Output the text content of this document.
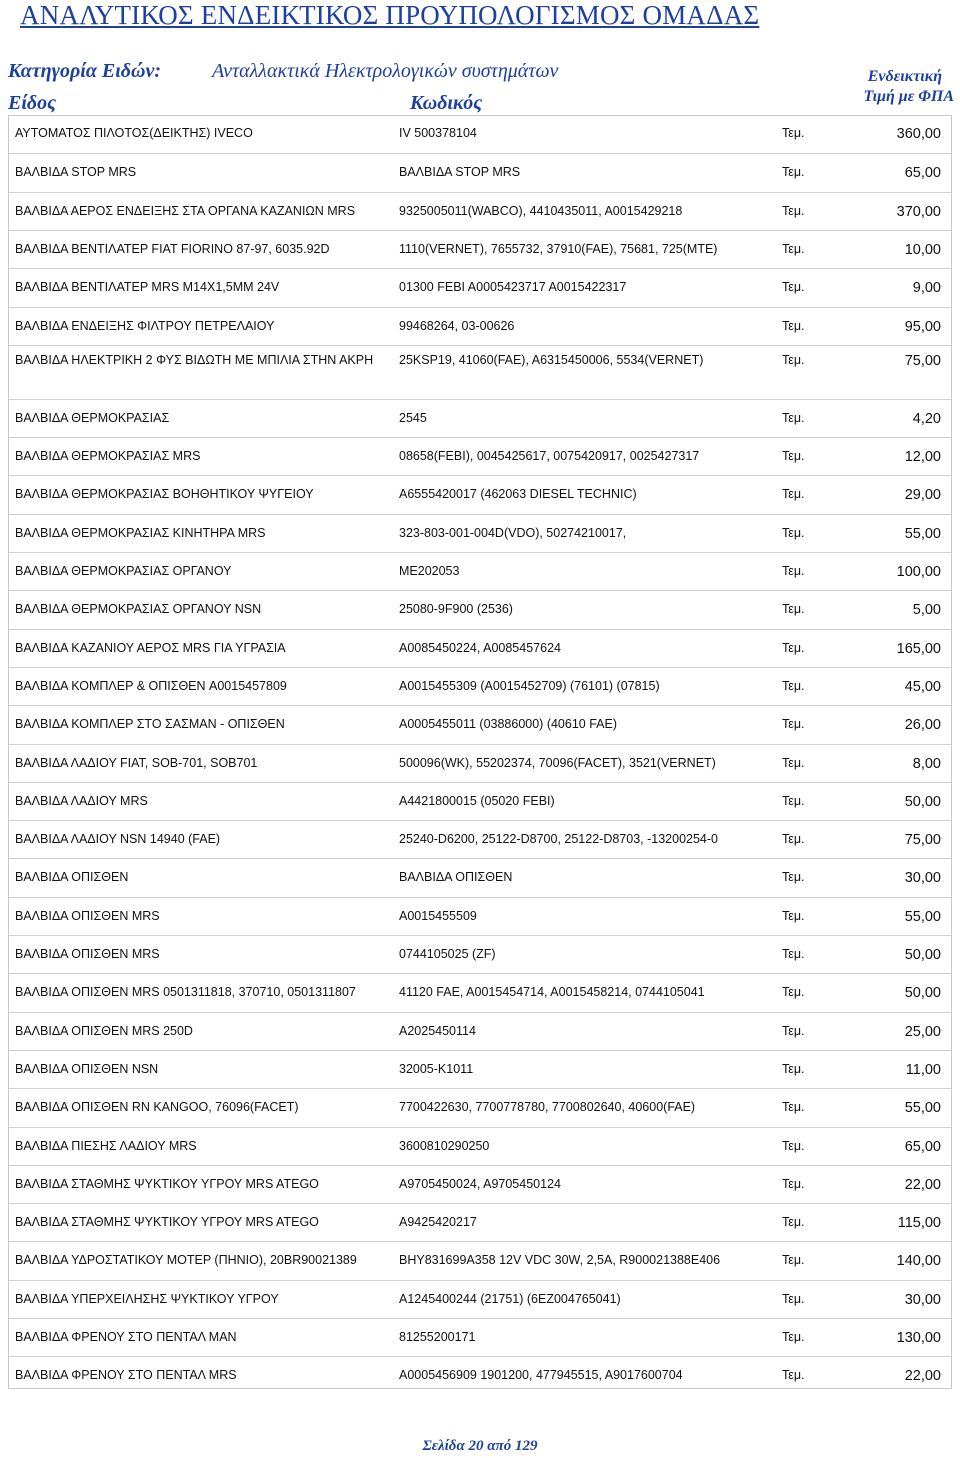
ΑΝΑΛΥΤΙΚΟΣ ΕΝΔΕΙΚΤΙΚΟΣ ΠΡΟΥΠΟΛΟΓΙΣΜΟΣ ΟΜΑΔΑΣ
Κατηγορία Ειδών:	Ανταλλακτικά Ηλεκτρολογικών συστημάτων
Είδος	Κωδικός
Ενδεικτική
Τιμή με ΦΠΑ
ΑΥΤΟΜΑΤΟΣ ΠΙΛΟΤΟΣ(ΔΕΙΚΤΗΣ) IVECO	IV 500378104	Τεμ.	360,00
ΒΑΛΒΙΔΑ STOP MRS	ΒΑΛΒΙΔΑ STOP MRS	Τεμ.	65,00
ΒΑΛΒΙΔΑ ΑΕΡΟΣ ΕΝΔΕΙΞΗΣ ΣΤΑ ΟΡΓΑΝΑ ΚΑΖΑΝΙΩΝ MRS	9325005011(WABCO), 4410435011, A0015429218	Τεμ.	370,00
ΒΑΛΒΙΔΑ ΒΕΝΤΙΛΑΤΕΡ FIAT FIORINO 87-97, 6035.92D	1110(VERNET), 7655732, 37910(FAE), 75681, 725(MTE)	Τεμ.	10,00
ΒΑΛΒΙΔΑ ΒΕΝΤΙΛΑΤΕΡ MRS M14X1,5MM 24V	01300 FEBI A0005423717 A0015422317	Τεμ.	9,00
ΒΑΛΒΙΔΑ ΕΝΔΕΙΞΗΣ ΦΙΛΤΡΟΥ ΠΕΤΡΕΛΑΙΟΥ	99468264, 03-00626	Τεμ.	95,00
ΒΑΛΒΙΔΑ ΗΛΕΚΤΡΙΚΗ 2 ΦΥΣ ΒΙΔΩΤΗ ΜΕ ΜΠΙΛΙΑ ΣΤΗΝ ΑΚΡΗ	25KSP19, 41060(FAE), A6315450006, 5534(VERNET)	Τεμ.	75,00
ΒΑΛΒΙΔΑ ΘΕΡΜΟΚΡΑΣΙΑΣ	2545	Τεμ.	4,20
ΒΑΛΒΙΔΑ ΘΕΡΜΟΚΡΑΣΙΑΣ MRS	08658(FEBI), 0045425617, 0075420917, 0025427317	Τεμ.	12,00
ΒΑΛΒΙΔΑ ΘΕΡΜΟΚΡΑΣΙΑΣ ΒΟΗΘΗΤΙΚΟΥ ΨΥΓΕΙΟΥ	A6555420017 (462063 DIESEL TECHNIC)	Τεμ.	29,00
ΒΑΛΒΙΔΑ ΘΕΡΜΟΚΡΑΣΙΑΣ ΚΙΝΗΤΗΡΑ MRS	323-803-001-004D(VDO), 50274210017,	Τεμ.	55,00
ΒΑΛΒΙΔΑ ΘΕΡΜΟΚΡΑΣΙΑΣ ΟΡΓΑΝΟΥ	ME202053	Τεμ.	100,00
ΒΑΛΒΙΔΑ ΘΕΡΜΟΚΡΑΣΙΑΣ ΟΡΓΑΝΟΥ NSN	25080-9F900 (2536)	Τεμ.	5,00
ΒΑΛΒΙΔΑ ΚΑΖΑΝΙΟΥ ΑΕΡΟΣ MRS ΓΙΑ ΥΓΡΑΣΙΑ	A0085450224, A0085457624	Τεμ.	165,00
ΒΑΛΒΙΔΑ ΚΟΜΠΛΕΡ & ΟΠΙΣΘΕΝ A0015457809	A0015455309 (A0015452709) (76101) (07815)	Τεμ.	45,00
ΒΑΛΒΙΔΑ ΚΟΜΠΛΕΡ ΣΤΟ ΣΑΣΜΑΝ - ΟΠΙΣΘΕΝ	A0005455011 (03886000) (40610 FAE)	Τεμ.	26,00
ΒΑΛΒΙΔΑ ΛΑΔΙΟΥ FIAT, SOB-701, SOB701	500096(WK), 55202374, 70096(FACET), 3521(VERNET)	Τεμ.	8,00
ΒΑΛΒΙΔΑ ΛΑΔΙΟΥ MRS	A4421800015 (05020 FEBI)	Τεμ.	50,00
ΒΑΛΒΙΔΑ ΛΑΔΙΟΥ NSN 14940 (FAE)	25240-D6200, 25122-D8700, 25122-D8703, -13200254-0	Τεμ.	75,00
ΒΑΛΒΙΔΑ ΟΠΙΣΘΕΝ	ΒΑΛΒΙΔΑ ΟΠΙΣΘΕΝ	Τεμ.	30,00
ΒΑΛΒΙΔΑ ΟΠΙΣΘΕΝ MRS	A0015455509	Τεμ.	55,00
ΒΑΛΒΙΔΑ ΟΠΙΣΘΕΝ MRS	0744105025 (ZF)	Τεμ.	50,00
ΒΑΛΒΙΔΑ ΟΠΙΣΘΕΝ MRS 0501311818, 370710, 0501311807	41120 FAE, A0015454714, A0015458214, 0744105041	Τεμ.	50,00
ΒΑΛΒΙΔΑ ΟΠΙΣΘΕΝ MRS 250D	A2025450114	Τεμ.	25,00
ΒΑΛΒΙΔΑ ΟΠΙΣΘΕΝ NSN	32005-K1011	Τεμ.	11,00
ΒΑΛΒΙΔΑ ΟΠΙΣΘΕΝ RN KANGOO, 76096(FACET)	7700422630, 7700778780, 7700802640, 40600(FAE)	Τεμ.	55,00
ΒΑΛΒΙΔΑ ΠΙΕΣΗΣ ΛΑΔΙΟΥ MRS	3600810290250	Τεμ.	65,00
ΒΑΛΒΙΔΑ ΣΤΑΘΜΗΣ ΨΥΚΤΙΚΟΥ ΥΓΡΟΥ MRS ATEGO	A9705450024, A9705450124	Τεμ.	22,00
ΒΑΛΒΙΔΑ ΣΤΑΘΜΗΣ ΨΥΚΤΙΚΟΥ ΥΓΡΟΥ MRS ATEGO	A9425420217	Τεμ.	115,00
ΒΑΛΒΙΔΑ ΥΔΡΟΣΤΑΤΙΚΟΥ ΜΟΤΕΡ (ΠΗΝΙΟ), 20BR90021389	BHY831699A358 12V VDC 30W, 2,5A, R900021388E406	Τεμ.	140,00
ΒΑΛΒΙΔΑ ΥΠΕΡΧΕΙΛΗΣΗΣ ΨΥΚΤΙΚΟΥ ΥΓΡΟΥ	A1245400244 (21751) (6EZ004765041)	Τεμ.	30,00
ΒΑΛΒΙΔΑ ΦΡΕΝΟΥ ΣΤΟ ΠΕΝΤΑΛ MAN	81255200171	Τεμ.	130,00
ΒΑΛΒΙΔΑ ΦΡΕΝΟΥ ΣΤΟ ΠΕΝΤΑΛ MRS	A0005456909 1901200, 477945515, A9017600704	Τεμ.	22,00
Σελίδα 20 από 129
